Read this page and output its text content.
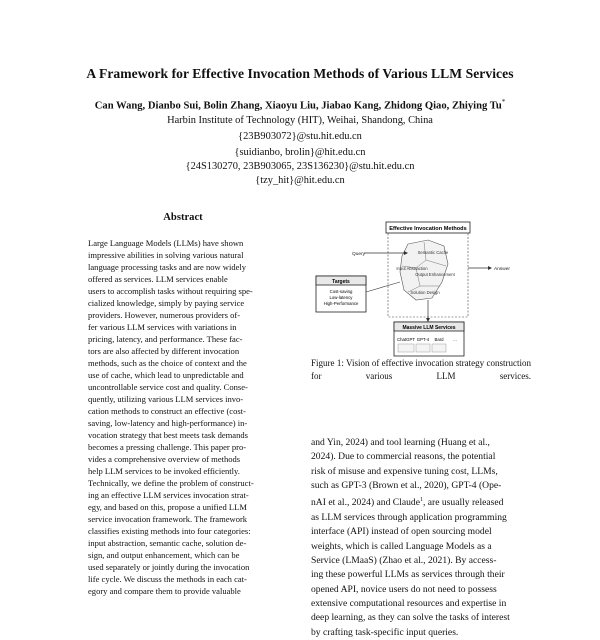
A Framework for Effective Invocation Methods of Various LLM Services
Can Wang, Dianbo Sui, Bolin Zhang, Xiaoyu Liu, Jiabao Kang, Zhidong Qiao, Zhiying Tu*
Harbin Institute of Technology (HIT), Weihai, Shandong, China
{23B903072}@stu.hit.edu.cn
{suidianbo, brolin}@hit.edu.cn
{24S130270, 23B903065, 23S136230}@stu.hit.edu.cn
{tzy_hit}@hit.edu.cn
Abstract
Large Language Models (LLMs) have shown
impressive abilities in solving various natural
language processing tasks and are now widely
offered as services. LLM services enable
users to accomplish tasks without requiring spe-
cialized knowledge, simply by paying service
providers. However, numerous providers of-
fer various LLM services with variations in
pricing, latency, and performance. These fac-
tors are also affected by different invocation
methods, such as the choice of context and the
use of cache, which lead to unpredictable and
uncontrollable service cost and quality. Conse-
quently, utilizing various LLM services invo-
cation methods to construct an effective (cost-
saving, low-latency and high-performance) in-
vocation strategy that best meets task demands
becomes a pressing challenge. This paper pro-
vides a comprehensive overview of methods
help LLM services to be invoked efficiently.
Technically, we define the problem of construct-
ing an effective LLM services invocation strat-
egy, and based on this, propose a unified LLM
service invocation framework. The framework
classifies existing methods into four categories:
input abstraction, semantic cache, solution de-
sign, and output enhancement, which can be
used separately or jointly during the invocation
life cycle. We discuss the methods in each cat-
egory and compare them to provide valuable
Effective Invocation Methods
Semantic Cache
Input Abstraction
Output Enhancement
Solution Design
Query
Answer
Targets
Cost-saving
Low-latency
High-Performance
Massive LLM Services
ChatGPT GPT-4 Bard ...
Figure 1: Vision of effective invocation strategy construction for various LLM services.
and Yin, 2024) and tool learning (Huang et al.,
2024). Due to commercial reasons, the potential
risk of misuse and expensive tuning cost, LLMs,
such as GPT-3 (Brown et al., 2020), GPT-4 (Ope-
nAI et al., 2024) and Claude$^1$, are usually released
as LLM services through application programming
interface (API) instead of open sourcing model
weights, which is called Language Models as a
Service (LMaaS) (Zhao et al., 2021). By access-
ing these powerful LLMs as services through their
opened API, novice users do not need to possess
extensive computational resources and expertise in
deep learning, as they can solve the tasks of interest
by crafting task-specific input queries.
